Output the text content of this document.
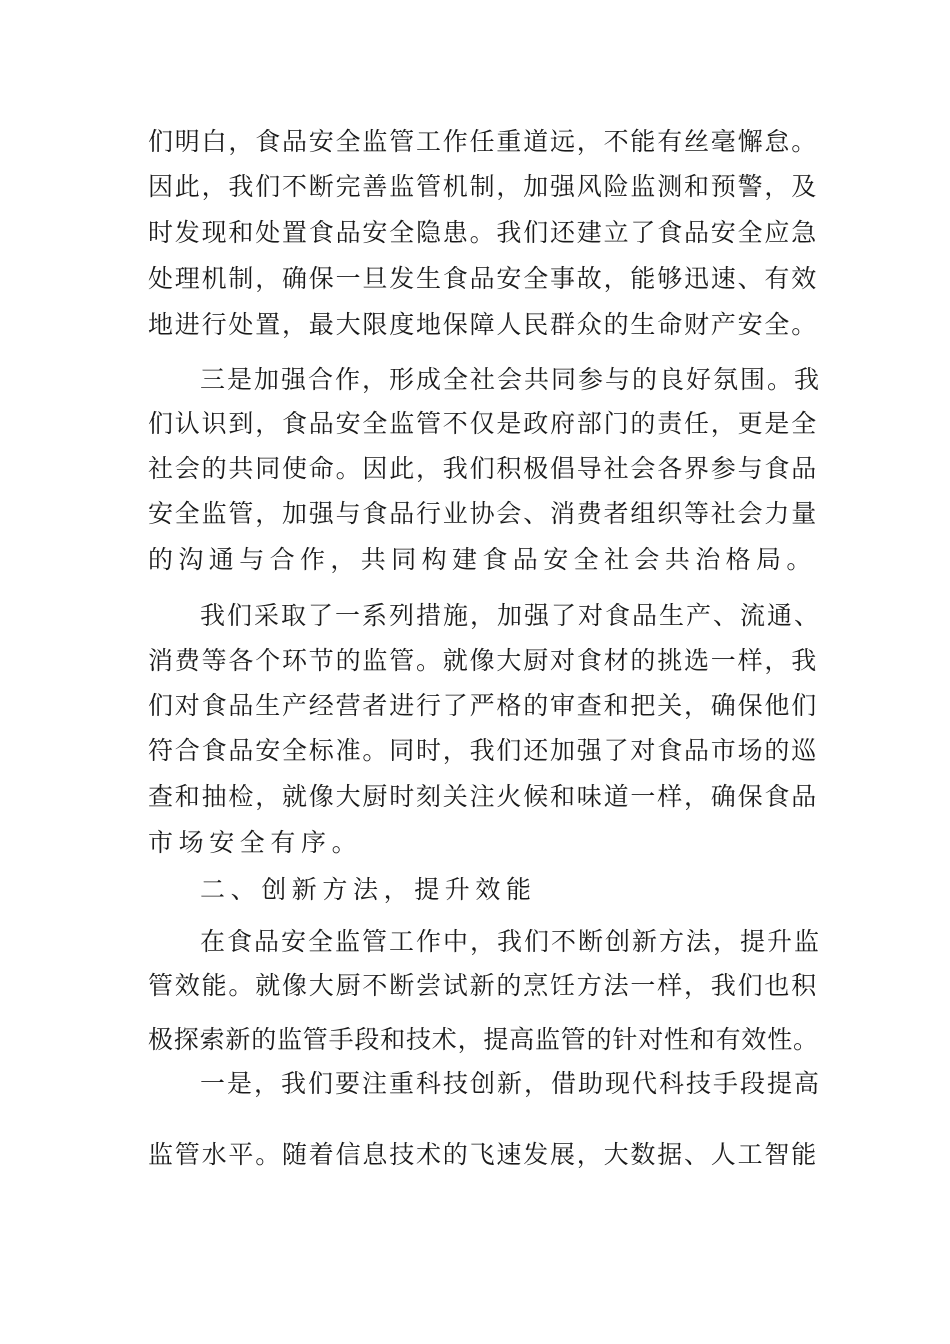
们明白，食品安全监管工作任重道远，不能有丝毫懈怠。

因此，我们不断完善监管机制，加强风险监测和预警，及

时发现和处置食品安全隐患。我们还建立了食品安全应急

处理机制，确保一旦发生食品安全事故，能够迅速、有效

地进行处置，最大限度地保障人民群众的生命财产安全。

三是加强合作，形成全社会共同参与的良好氛围。我

们认识到，食品安全监管不仅是政府部门的责任，更是全

社会的共同使命。因此，我们积极倡导社会各界参与食品

安全监管，加强与食品行业协会、消费者组织等社会力量

的沟通与合作，共同构建食品安全社会共治格局。

我们采取了一系列措施，加强了对食品生产、流通、

消费等各个环节的监管。就像大厨对食材的挑选一样，我

们对食品生产经营者进行了严格的审查和把关，确保他们

符合食品安全标准。同时，我们还加强了对食品市场的巡

查和抽检，就像大厨时刻关注火候和味道一样，确保食品

市场安全有序。

二、创新方法，提升效能

在食品安全监管工作中，我们不断创新方法，提升监

管效能。就像大厨不断尝试新的烹饪方法一样，我们也积

极探索新的监管手段和技术，提高监管的针对性和有效性。

一是，我们要注重科技创新，借助现代科技手段提高

监管水平。随着信息技术的飞速发展，大数据、人工智能
